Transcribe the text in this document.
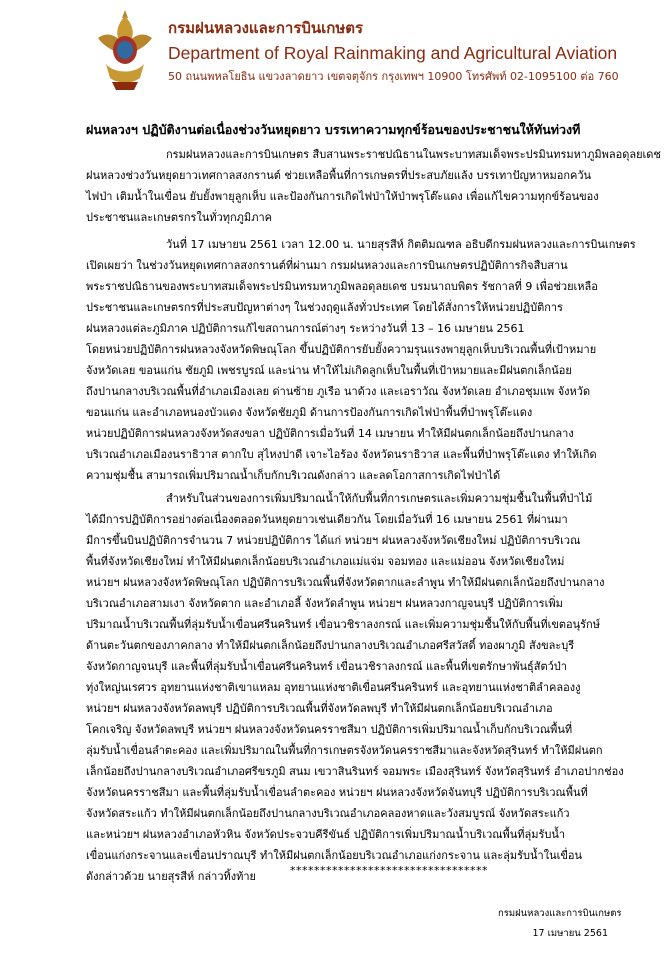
กรมฝนหลวงและการบินเกษตร
Department of Royal Rainmaking and Agricultural Aviation
50 ถนนพหลโยธิน แขวงลาดยาว เขตจตุจักร กรุงเทพฯ 10900 โทรศัพท์ 02-1095100 ต่อ 760
ฝนหลวงฯ ปฏิบัติงานต่อเนื่องช่วงวันหยุดยาว บรรเทาความทุกข์ร้อนของประชาชนให้ทันท่วงที
กรมฝนหลวงและการบินเกษตร สืบสานพระราชปณิธานในพระบาทสมเด็จพระปรมินทรมหาภูมิพลอดุลยเดช
ฝนหลวงช่วงวันหยุดยาวเทศกาลสงกรานต์ ช่วยเหลือพื้นที่การเกษตรที่ประสบภัยแล้ง บรรเทาปัญหาหมอกควัน
ไฟป่า เติมน้ำในเขื่อน ยับยั้งพายุลูกเห็บ และป้องกันการเกิดไฟป่าให้ป่าพรุโต๊ะแดง เพื่อแก้ไขความทุกข์ร้อนของ
ประชาชนและเกษตรกรในทั่วทุกภูมิภาค
วันที่ 17 เมษายน 2561 เวลา 12.00 น. นายสุรสีห์ กิตติมณฑล อธิบดีกรมฝนหลวงและการบินเกษตร
เปิดเผยว่า ในช่วงวันหยุดเทศกาลสงกรานต์ที่ผ่านมา กรมฝนหลวงและการบินเกษตรปฏิบัติการกิจสืบสาน
พระราชปณิธานของพระบาทสมเด็จพระปรมินทรมหาภูมิพลอดุลยเดช บรมนาถบพิตร รัชกาลที่ 9 เพื่อช่วยเหลือ
ประชาชนและเกษตรกรที่ประสบปัญหาต่างๆ ในช่วงฤดูแล้งทั่วประเทศ โดยได้สั่งการให้หน่วยปฏิบัติการ
ฝนหลวงแต่ละภูมิภาค ปฏิบัติการแก้ไขสถานการณ์ต่างๆ ระหว่างวันที่ 13 – 16 เมษายน 2561
โดยหน่วยปฏิบัติการฝนหลวงจังหวัดพิษณุโลก ขึ้นปฏิบัติการยับยั้งความรุนแรงพายุลูกเห็บบริเวณพื้นที่เป้าหมาย
จังหวัดเลย ขอนแก่น ชัยภูมิ เพชรบูรณ์ และน่าน ทำให้ไม่เกิดลูกเห็บในพื้นที่เป้าหมายและมีฝนตกเล็กน้อย
ถึงปานกลางบริเวณพื้นที่อำเภอเมืองเลย ด่านซ้าย ภูเรือ นาด้วง และเอราวัณ จังหวัดเลย อำเภอชุมแพ จังหวัด
ขอนแก่น และอำเภอหนองบัวแดง จังหวัดชัยภูมิ ด้านการป้องกันการเกิดไฟป่าพื้นที่ป่าพรุโต๊ะแดง
หน่วยปฏิบัติการฝนหลวงจังหวัดสงขลา ปฏิบัติการเมื่อวันที่ 14 เมษายน ทำให้มีฝนตกเล็กน้อยถึงปานกลาง
บริเวณอำเภอเมืองนราธิวาส ตากใบ สุไหงปาดี เจาะไอร้อง จังหวัดนราธิวาส และพื้นที่ป่าพรุโต๊ะแดง ทำให้เกิด
ความชุ่มชื้น สามารถเพิ่มปริมาณน้ำเก็บกักบริเวณดังกล่าว และลดโอกาสการเกิดไฟป่าได้
สำหรับในส่วนของการเพิ่มปริมาณน้ำให้กับพื้นที่การเกษตรและเพิ่มความชุ่มชื้นในพื้นที่ป่าไม้
ได้มีการปฏิบัติการอย่างต่อเนื่องตลอดวันหยุดยาวเช่นเดียวกัน โดยเมื่อวันที่ 16 เมษายน 2561 ที่ผ่านมา
มีการขึ้นบินปฏิบัติการจำนวน 7 หน่วยปฏิบัติการ ได้แก่ หน่วยฯ ฝนหลวงจังหวัดเชียงใหม่ ปฏิบัติการบริเวณ
พื้นที่จังหวัดเชียงใหม่ ทำให้มีฝนตกเล็กน้อยบริเวณอำเภอแม่แจ่ม จอมทอง และแม่ออน จังหวัดเชียงใหม่
หน่วยฯ ฝนหลวงจังหวัดพิษณุโลก ปฏิบัติการบริเวณพื้นที่จังหวัดตากและลำพูน ทำให้มีฝนตกเล็กน้อยถึงปานกลาง
บริเวณอำเภอสามเงา จังหวัดตาก และอำเภอลี้ จังหวัดลำพูน หน่วยฯ ฝนหลวงกาญจนบุรี ปฏิบัติการเพิ่ม
ปริมาณน้ำบริเวณพื้นที่ลุ่มรับน้ำเขื่อนศรีนครินทร์ เขื่อนวชิราลงกรณ์ และเพิ่มความชุ่มชื้นให้กับพื้นที่เขตอนุรักษ์
ด้านตะวันตกของภาคกลาง ทำให้มีฝนตกเล็กน้อยถึงปานกลางบริเวณอำเภอศรีสวัสดิ์ ทองผาภูมิ สังขละบุรี
จังหวัดกาญจนบุรี และพื้นที่ลุ่มรับน้ำเขื่อนศรีนครินทร์ เขื่อนวชิราลงกรณ์ และพื้นที่เขตรักษาพันธุ์สัตว์ป่า
ทุ่งใหญ่นเรศวร อุทยานแห่งชาติเขาแหลม อุทยานแห่งชาติเขื่อนศรีนครินทร์ และอุทยานแห่งชาติลำคลองงู
หน่วยฯ ฝนหลวงจังหวัดลพบุรี ปฏิบัติการบริเวณพื้นที่จังหวัดลพบุรี ทำให้มีฝนตกเล็กน้อยบริเวณอำเภอ
โคกเจริญ จังหวัดลพบุรี หน่วยฯ ฝนหลวงจังหวัดนครราชสีมา ปฏิบัติการเพิ่มปริมาณน้ำเก็บกักบริเวณพื้นที่
ลุ่มรับน้ำเขื่อนลำตะคอง และเพิ่มปริมาณในพื้นที่การเกษตรจังหวัดนครราชสีมาและจังหวัดสุรินทร์ ทำให้มีฝนตก
เล็กน้อยถึงปานกลางบริเวณอำเภอศรีขรภูมิ สนม เขวาสินรินทร์ จอมพระ เมืองสุรินทร์ จังหวัดสุรินทร์ อำเภอปากช่อง
จังหวัดนครราชสีมา และพื้นที่ลุ่มรับน้ำเขื่อนลำตะคอง หน่วยฯ ฝนหลวงจังหวัดจันทบุรี ปฏิบัติการบริเวณพื้นที่
จังหวัดสระแก้ว ทำให้มีฝนตกเล็กน้อยถึงปานกลางบริเวณอำเภอคลองหาดและวังสมบูรณ์ จังหวัดสระแก้ว
และหน่วยฯ ฝนหลวงอำเภอหัวหิน จังหวัดประจวบคีรีขันธ์ ปฏิบัติการเพิ่มปริมาณน้ำบริเวณพื้นที่ลุ่มรับน้ำ
เขื่อนแก่งกระจานและเขื่อนปราณบุรี ทำให้มีฝนตกเล็กน้อยบริเวณอำเภอแก่งกระจาน และลุ่มรับน้ำในเขื่อน
ดังกล่าวด้วย นายสุรสีห์ กล่าวทิ้งท้าย	*********************************
กรมฝนหลวงและการบินเกษตร
17 เมษายน 2561
